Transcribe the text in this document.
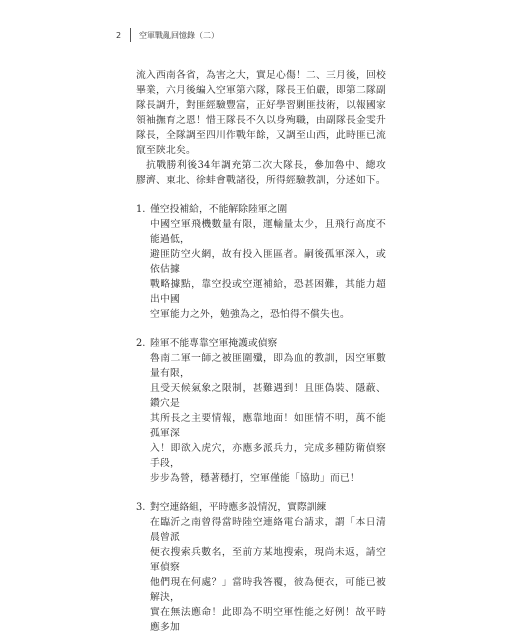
2	空軍戰亂回憶錄（二）

流入西南各省，為害之大，實足心傷！二、三月後，回校畢業，六月後編入空軍第六隊，隊長王伯嚴，即第二隊副隊長調升，對匪經驗豐富，正好學習剿匪技術，以報國家領袖撫育之恩！惜王隊長不久以身殉職，由副隊長金雯升隊長，全隊調至四川作戰年餘，又調至山西，此時匪已流竄至陝北矣。

抗戰勝利後34年調充第二次大隊長，參加魯中、總攻膠濟、東北、徐蚌會戰諸役，所得經驗教訓，分述如下。

1. 僅空投補給，不能解除陸軍之圍

中國空軍飛機數量有限，運輸量太少，且飛行高度不能過低，
避匪防空火網，故有投入匪區者。嗣後孤軍深入，或依估據
戰略據點，靠空投或空運補給，恐甚困難，其能力超出中國
空軍能力之外，勉強為之，恐怕得不償失也。

2. 陸軍不能專靠空軍掩護或偵察

魯南二軍一師之被匪圍殲，即為血的教訓，因空軍數量有限，
且受天候氣象之限制，甚難遇到！且匪偽裝、隱蔽、鑽穴是
其所長之主要情報，應靠地面！如匪情不明，萬不能孤軍深
入！即欲入虎穴，亦應多派兵力，完成多種防衛偵察手段，
步步為營，穩著穩打，空軍僅能「協助」而已！

3. 對空連絡組，平時應多設情況，實際訓練

在臨沂之南曾得當時陸空連絡電台請求，謂「本日清晨曾派
便衣搜索兵數名，至前方某地搜索，現尚未返，請空軍偵察
他們現在何處？」當時我答覆，彼為便衣，可能已被解決，
實在無法應命！此即為不明空軍性能之好例！故平時應多加
